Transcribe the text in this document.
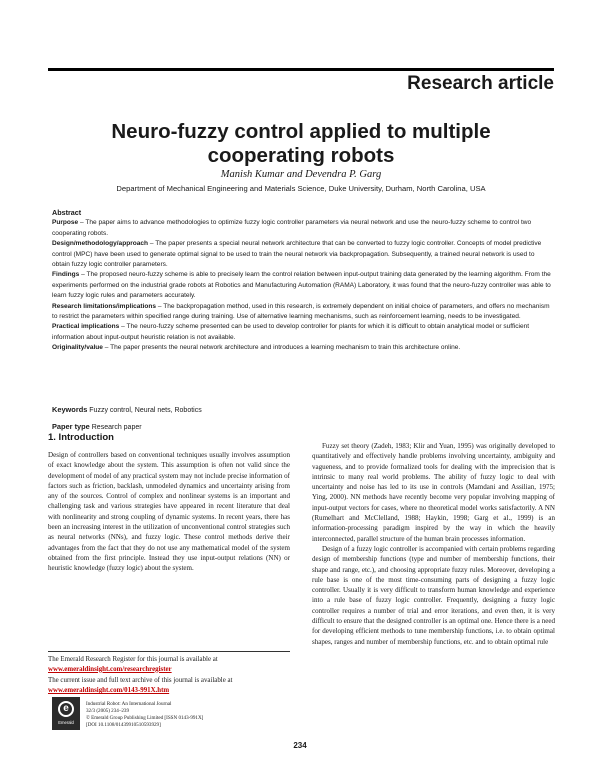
Research article
Neuro-fuzzy control applied to multiple
cooperating robots
Manish Kumar and Devendra P. Garg
Department of Mechanical Engineering and Materials Science, Duke University, Durham, North Carolina, USA

Abstract

Purpose – The paper aims to advance methodologies to optimize fuzzy logic controller parameters via neural network and use the neuro-fuzzy scheme to control two cooperating robots.

Design/methodology/approach – The paper presents a special neural network architecture that can be converted to fuzzy logic controller. Concepts of model predictive control (MPC) have been used to generate optimal signal to be used to train the neural network via backpropagation. Subsequently, a trained neural network is used to obtain fuzzy logic controller parameters.

Findings – The proposed neuro-fuzzy scheme is able to precisely learn the control relation between input-output training data generated by the learning algorithm. From the experiments performed on the industrial grade robots at Robotics and Manufacturing Automation (RAMA) Laboratory, it was found that the neuro-fuzzy controller was able to learn fuzzy logic rules and parameters accurately.

Research limitations/implications – The backpropagation method, used in this research, is extremely dependent on initial choice of parameters, and offers no mechanism to restrict the parameters within specified range during training. Use of alternative learning mechanisms, such as reinforcement learning, needs to be investigated.

Practical implications – The neuro-fuzzy scheme presented can be used to develop controller for plants for which it is difficult to obtain analytical model or sufficient information about input-output heuristic relation is not available.

Originality/value – The paper presents the neural network architecture and introduces a learning mechanism to train this architecture online.

Keywords Fuzzy control, Neural nets, Robotics
Paper type Research paper
1. Introduction

Design of controllers based on conventional techniques usually involves assumption of exact knowledge about the system. This assumption is often not valid since the development of model of any practical system may not include precise information of factors such as friction, backlash, unmodeled dynamics and uncertainty arising from any of the sources. Control of complex and nonlinear systems is an important and challenging task and various strategies have appeared in recent literature that deal with nonlinearity and strong coupling of dynamic systems. In recent years, there has been an increasing interest in the utilization of unconventional control strategies such as neural networks (NNs), and fuzzy logic. These control methods derive their advantages from the fact that they do not use any mathematical model of the system obtained from the first principle. Instead they use input-output relations (NN) or heuristic knowledge (fuzzy logic) about the system.

Fuzzy set theory (Zadeh, 1983; Klir and Yuan, 1995) was originally developed to quantitatively and effectively handle problems involving uncertainty, ambiguity and vagueness, and to provide formalized tools for dealing with the imprecision that is intrinsic to many real world problems. The ability of fuzzy logic to deal with uncertainty and noise has led to its use in controls (Mamdani and Assilian, 1975; Ying, 2000). NN methods have recently become very popular involving mapping of input-output vectors for cases, where no theoretical model works satisfactorily. A NN (Rumelhart and McClelland, 1988; Haykin, 1998; Garg et al., 1999) is an information-processing paradigm inspired by the way in which the heavily interconnected, parallel structure of the human brain processes information.

Design of a fuzzy logic controller is accompanied with certain problems regarding design of membership functions (type and number of membership functions, their shape and range, etc.), and choosing appropriate fuzzy rules. Moreover, developing a rule base is one of the most time-consuming parts of designing a fuzzy logic controller. Usually it is very difficult to transform human knowledge and experience into a rule base of fuzzy logic controller. Frequently, designing a fuzzy logic controller requires a number of trial and error iterations, and even then, it is very difficult to ensure that the designed controller is an optimal one. Hence there is a need for developing efficient methods to tune membership functions, i.e. to obtain optimal shapes, ranges and number of membership functions, etc. and to obtain optimal rule

The Emerald Research Register for this journal is available at
www.emeraldinsight.com/researchregister

The current issue and full text archive of this journal is available at
www.emeraldinsight.com/0143-991X.htm

e
Emerald
Industrial Robot: An International Journal
32/3 (2005) 234–239
© Emerald Group Publishing Limited [ISSN 0143-991X]
[DOI 10.1108/01439910510593929]
234
